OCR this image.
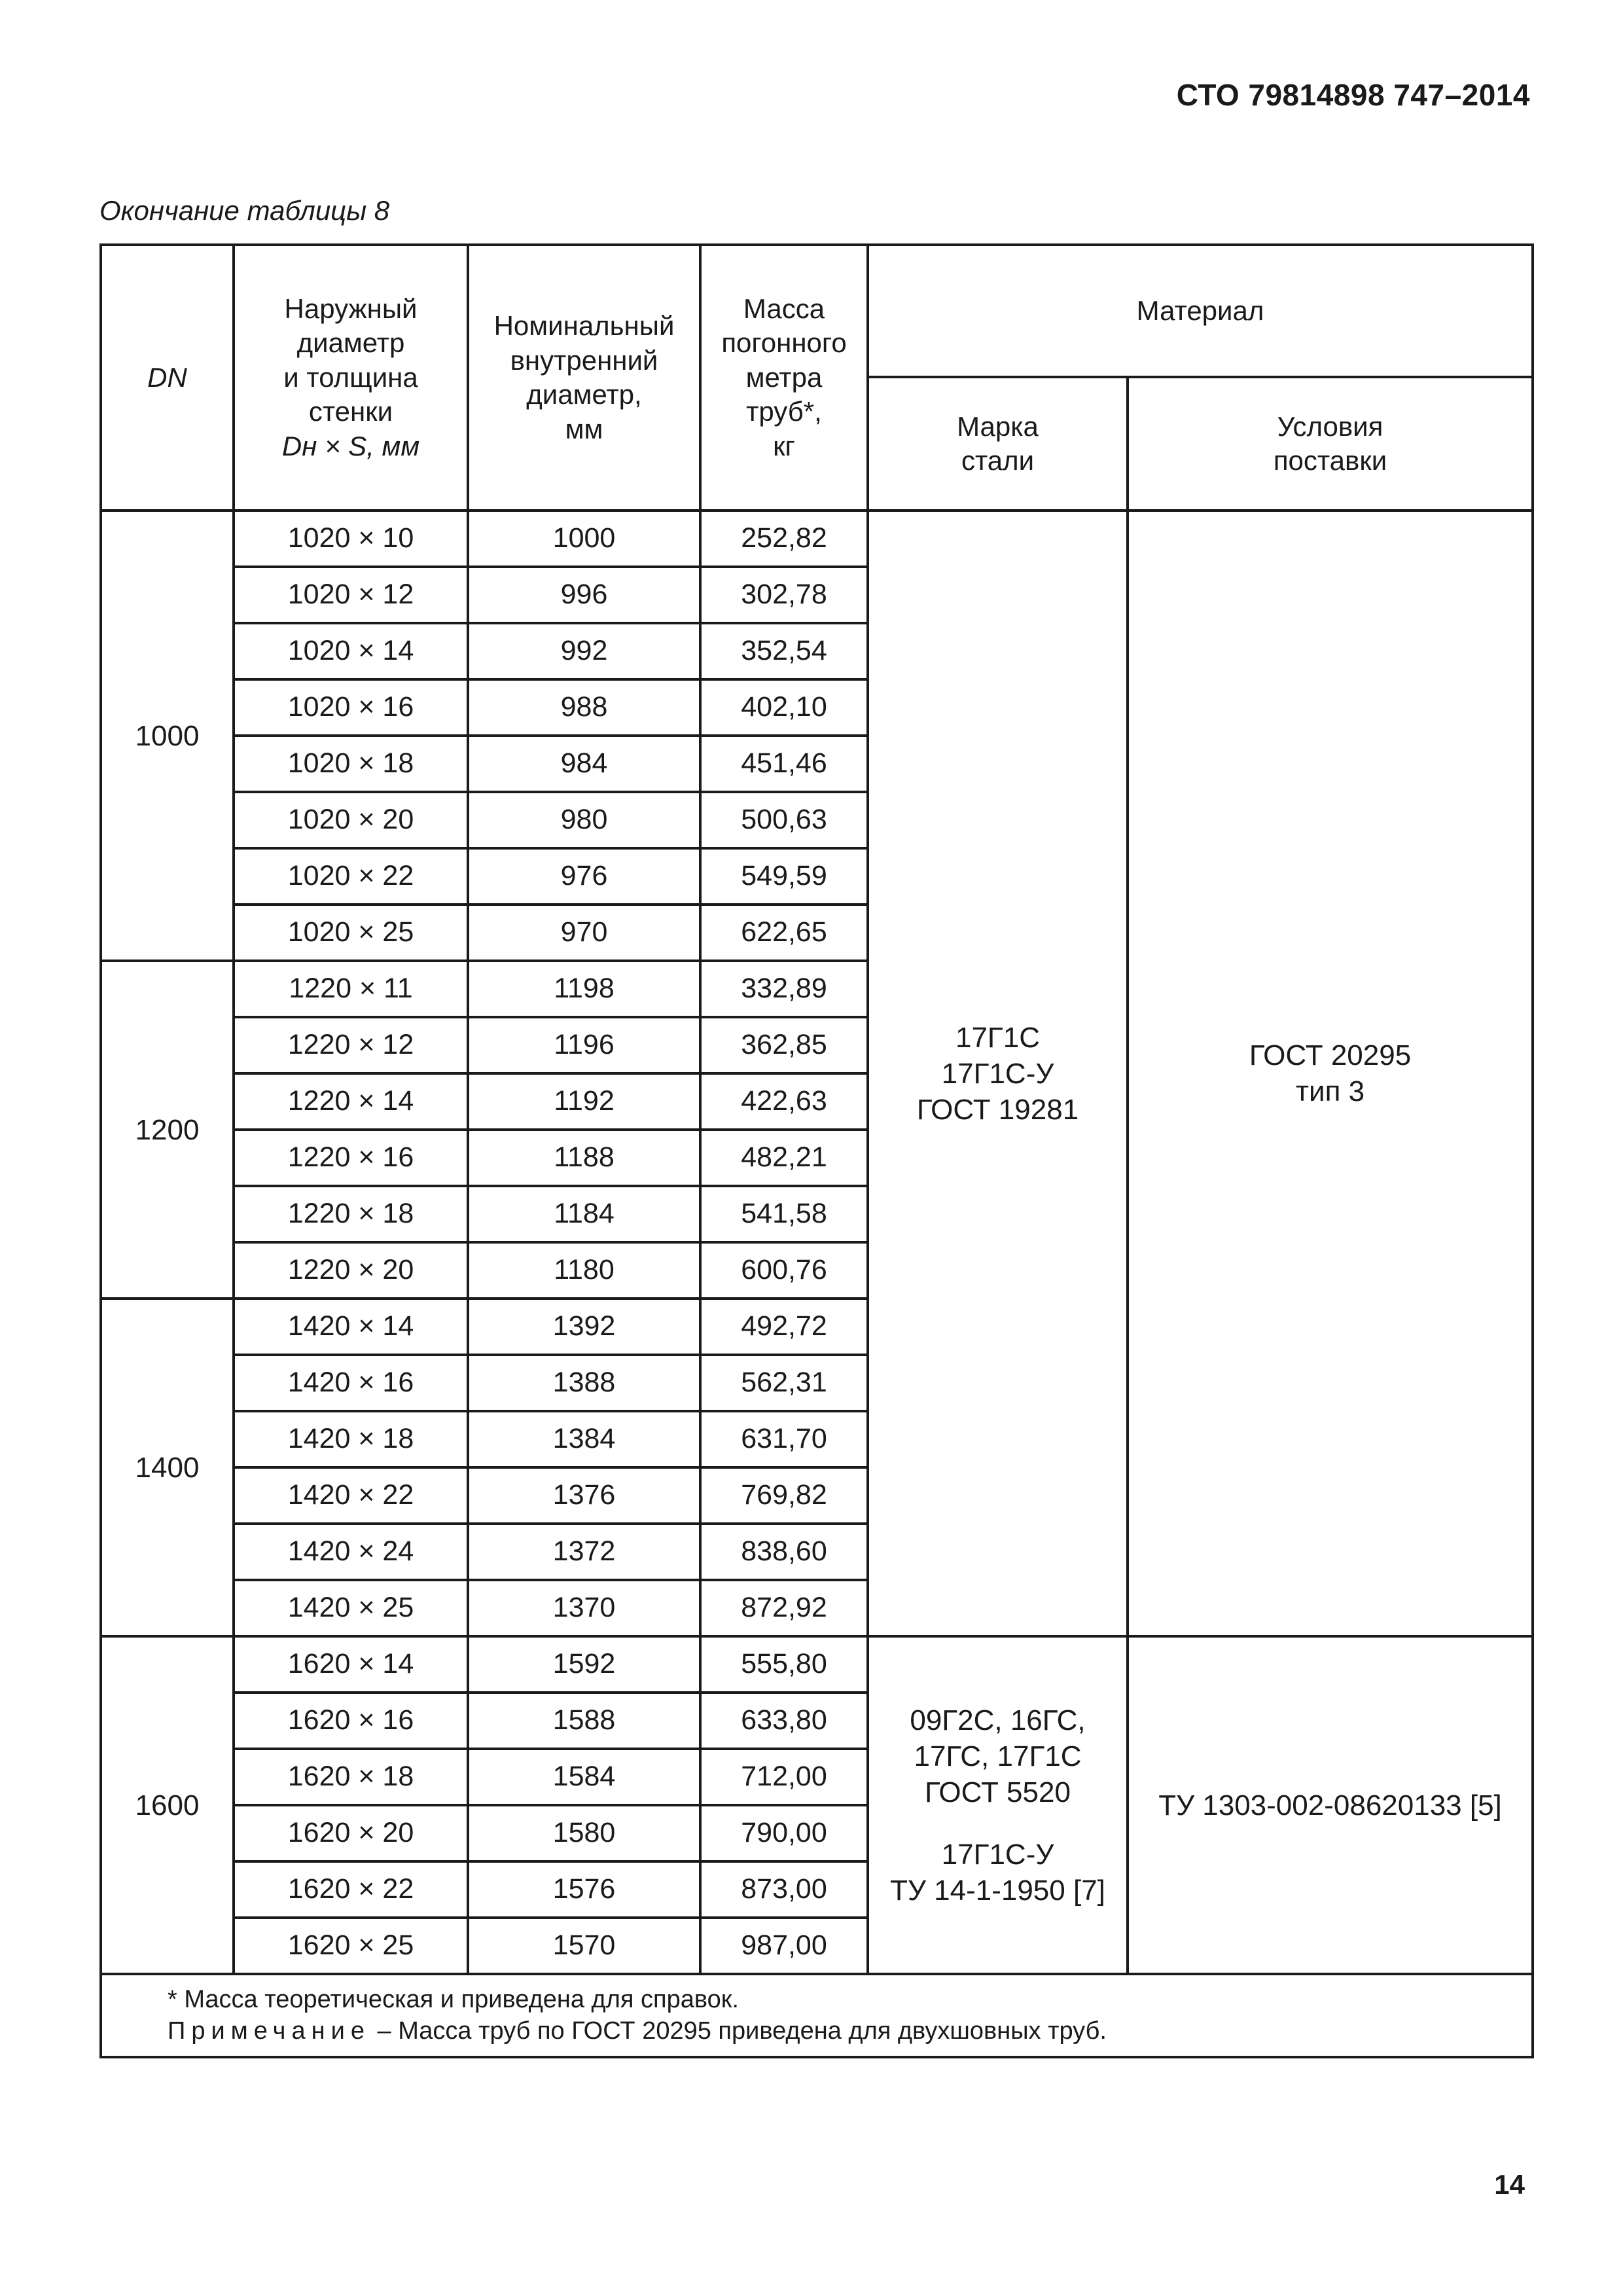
СТО 79814898 747–2014
Окончание таблицы 8
DN	Наружный
диаметр
и толщина
стенки
Dн × S, мм	Номинальный
внутренний
диаметр,
мм	Масса
погонного
метра
труб*,
кг	Материал	
				Марка
стали	Условия
поставки
1000	1020 × 10	1000	252,82	17Г1С
17Г1С-У
ГОСТ 19281	ГОСТ 20295
тип 3

	1020 × 12	996	302,78		
	1020 × 14	992	352,54		
	1020 × 16	988	402,10		
	1020 × 18	984	451,46		
	1020 × 20	980	500,63		
	1020 × 22	976	549,59		
	1020 × 25	970	622,65		
1200	1220 × 11	1198	332,89		
	1220 × 12	1196	362,85		
	1220 × 14	1192	422,63		
	1220 × 16	1188	482,21		
	1220 × 18	1184	541,58		
	1220 × 20	1180	600,76		
1400	1420 × 14	1392	492,72		
	1420 × 16	1388	562,31		
	1420 × 18	1384	631,70		
	1420 × 22	1376	769,82		
	1420 × 24	1372	838,60		
	1420 × 25	1370	872,92		
1600	1620 × 14	1592	555,80	09Г2С, 16ГС,
17ГС, 17Г1С
ГОСТ 5520
17Г1С-У
ТУ 14-1-1950 [7]	ТУ 1303-002-08620133 [5]

	1620 × 16	1588	633,80		
	1620 × 18	1584	712,00		
	1620 × 20	1580	790,00		
	1620 × 22	1576	873,00		
	1620 × 25	1570	987,00		

* Масса теоретическая и приведена для справок.
Примечание – Масса труб по ГОСТ 20295 приведена для двухшовных труб.					
14
